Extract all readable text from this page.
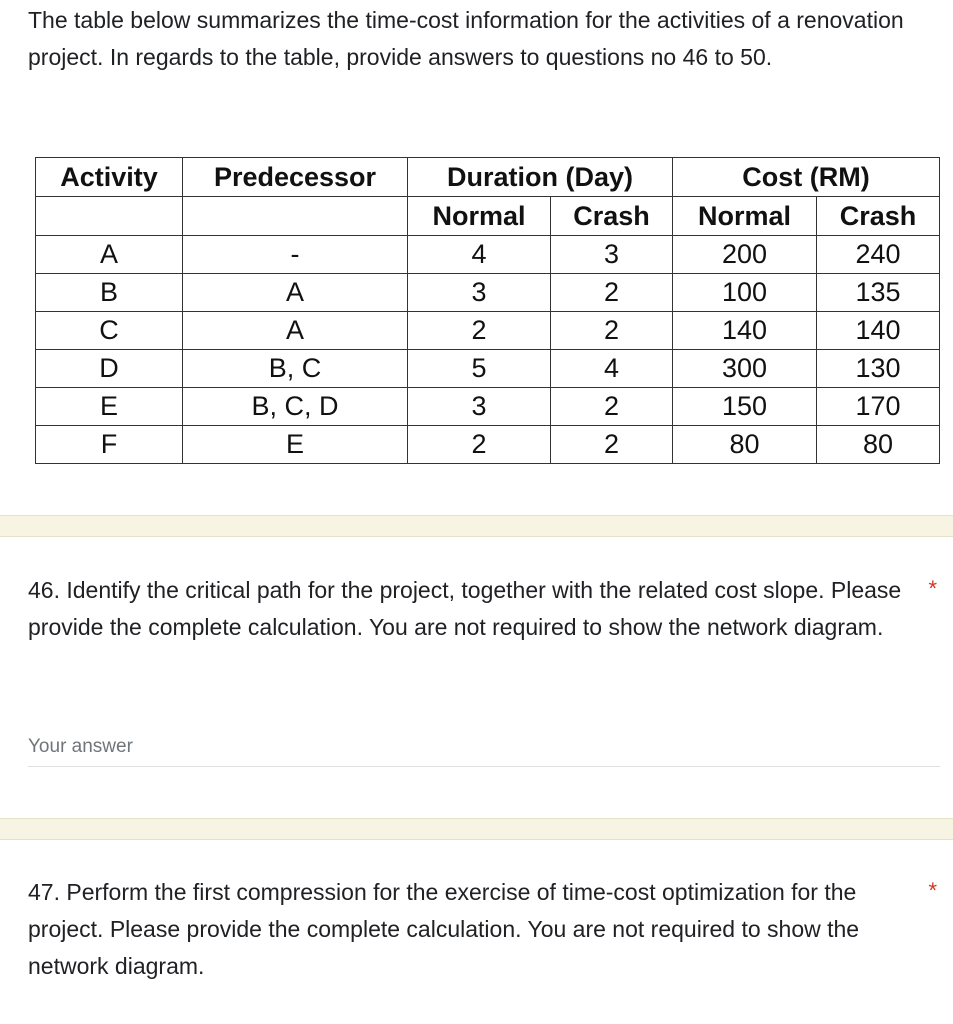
The table below summarizes the time-cost information for the activities of a renovation project. In regards to the table, provide answers to questions no 46 to 50.

Activity	Predecessor	Duration (Day)		Cost (RM)	
		Normal	Crash	Normal	Crash
A	-	4	3	200	240
B	A	3	2	100	135
C	A	2	2	140	140
D	B, C	5	4	300	130
E	B, C, D	3	2	150	170
F	E	2	2	80	80

46. Identify the critical path for the project, together with the related cost slope. Please provide the complete calculation. You are not required to show the network diagram.

*
Your answer

47. Perform the first compression for the exercise of time-cost optimization for the project. Please provide the complete calculation. You are not required to show the network diagram.

*
